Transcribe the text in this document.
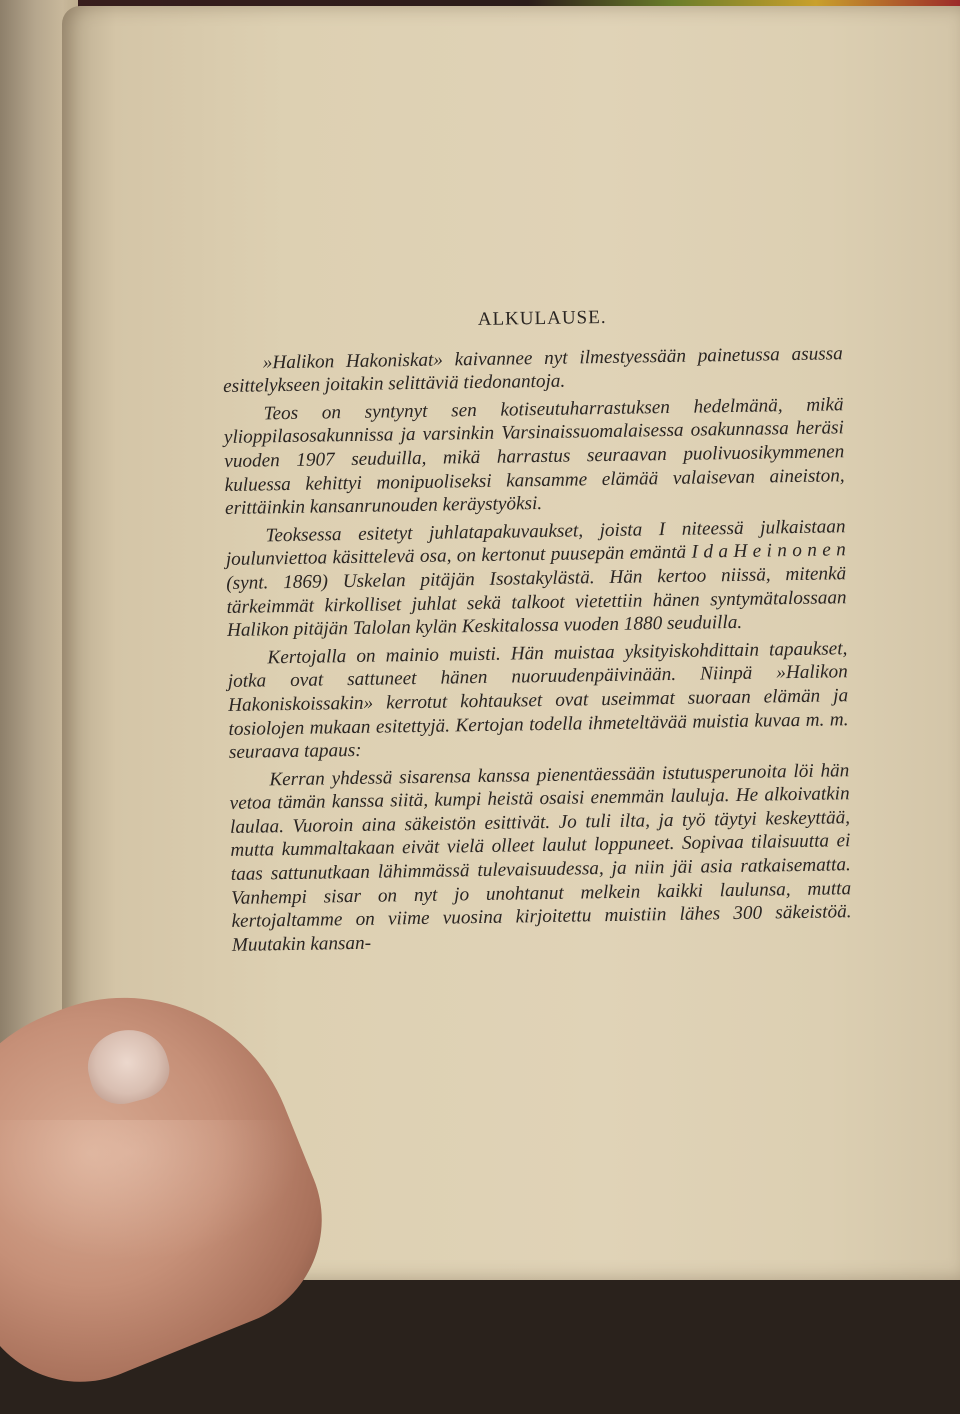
ALKULAUSE.

»Halikon Hakoniskat» kaivannee nyt ilmestyessään painetussa asussa esittelykseen joitakin selittäviä tiedonantoja.

Teos on syntynyt sen kotiseutuharrastuksen hedelmänä, mikä ylioppilasosakunnissa ja varsinkin Varsinaissuomalaisessa osakunnassa heräsi vuoden 1907 seuduilla, mikä harrastus seuraavan puolivuosikymmenen kuluessa kehittyi monipuoliseksi kansamme elämää valaisevan aineiston, erittäinkin kansanrunouden keräystyöksi.

Teoksessa esitetyt juhlatapakuvaukset, joista I niteessä julkaistaan joulunviettoa käsittelevä osa, on kertonut puusepän emäntä I d a H e i n o n e n (synt. 1869) Uskelan pitäjän Isostakylästä. Hän kertoo niissä, mitenkä tärkeimmät kirkolliset juhlat sekä talkoot vietettiin hänen syntymätalossaan Halikon pitäjän Talolan kylän Keskitalossa vuoden 1880 seuduilla.

Kertojalla on mainio muisti. Hän muistaa yksityiskohdittain tapaukset, jotka ovat sattuneet hänen nuoruudenpäivinään. Niinpä »Halikon Hakoniskoissakin» kerrotut kohtaukset ovat useimmat suoraan elämän ja tosiolojen mukaan esitettyjä. Kertojan todella ihmeteltävää muistia kuvaa m. m. seuraava tapaus:

Kerran yhdessä sisarensa kanssa pienentäessään istutusperunoita löi hän vetoa tämän kanssa siitä, kumpi heistä osaisi enemmän lauluja. He alkoivatkin laulaa. Vuoroin aina säkeistön esittivät. Jo tuli ilta, ja työ täytyi keskeyttää, mutta kummaltakaan eivät vielä olleet laulut loppuneet. Sopivaa tilaisuutta ei taas sattunutkaan lähimmässä tulevaisuudessa, ja niin jäi asia ratkaisematta. Vanhempi sisar on nyt jo unohtanut melkein kaikki laulunsa, mutta kertojaltamme on viime vuosina kirjoitettu muistiin lähes 300 säkeistöä. Muutakin kansan-
